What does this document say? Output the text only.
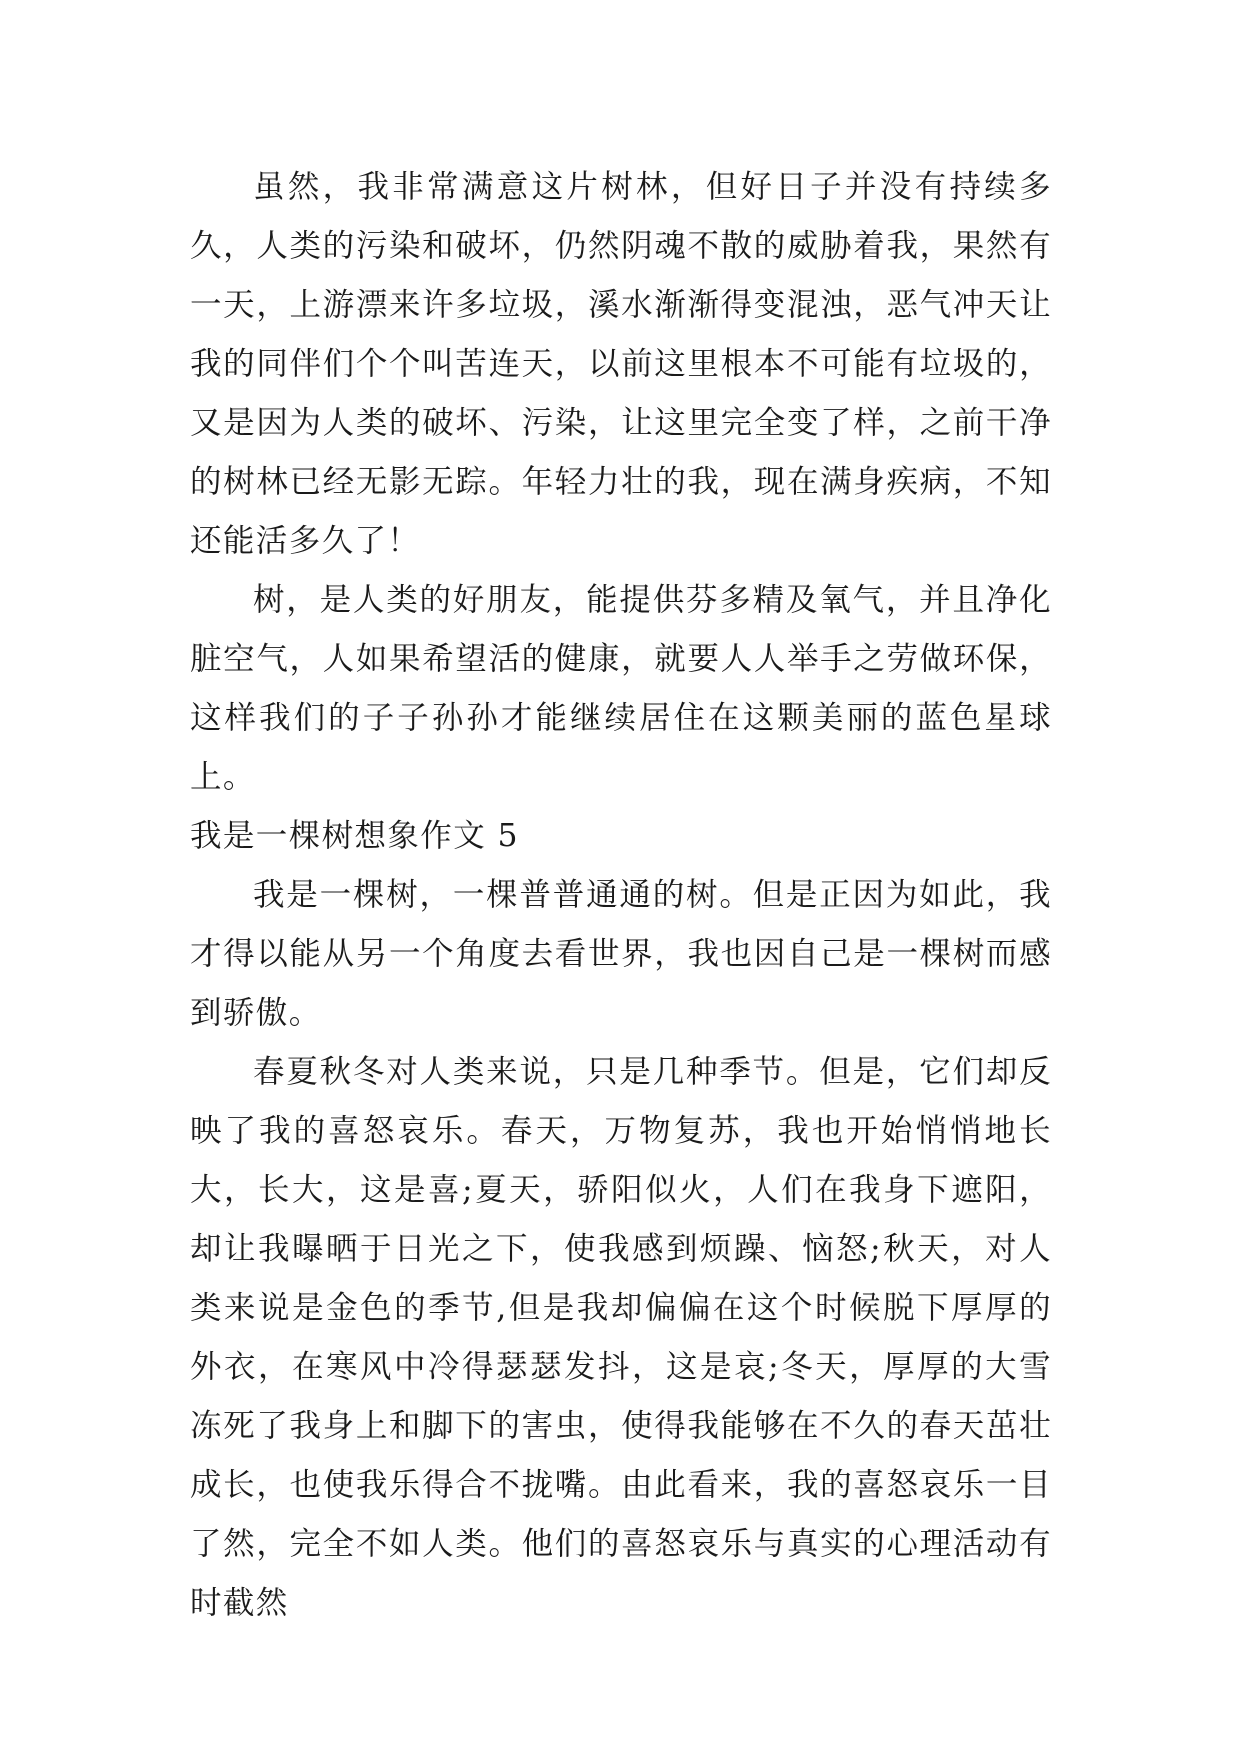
虽然，我非常满意这片树林，但好日子并没有持续多久，人类的污染和破坏，仍然阴魂不散的威胁着我，果然有一天，上游漂来许多垃圾，溪水渐渐得变混浊，恶气冲天让我的同伴们个个叫苦连天，以前这里根本不可能有垃圾的，又是因为人类的破坏、污染，让这里完全变了样，之前干净的树林已经无影无踪。年轻力壮的我，现在满身疾病，不知还能活多久了！

树，是人类的好朋友，能提供芬多精及氧气，并且净化脏空气，人如果希望活的健康，就要人人举手之劳做环保，这样我们的子子孙孙才能继续居住在这颗美丽的蓝色星球上。

我是一棵树想象作文 5

我是一棵树，一棵普普通通的树。但是正因为如此，我才得以能从另一个角度去看世界，我也因自己是一棵树而感到骄傲。

春夏秋冬对人类来说，只是几种季节。但是，它们却反映了我的喜怒哀乐。春天，万物复苏，我也开始悄悄地长大，长大，这是喜;夏天，骄阳似火，人们在我身下遮阳，却让我曝晒于日光之下，使我感到烦躁、恼怒;秋天，对人类来说是金色的季节,但是我却偏偏在这个时候脱下厚厚的外衣，在寒风中冷得瑟瑟发抖，这是哀;冬天，厚厚的大雪冻死了我身上和脚下的害虫，使得我能够在不久的春天茁壮成长，也使我乐得合不拢嘴。由此看来，我的喜怒哀乐一目了然，完全不如人类。他们的喜怒哀乐与真实的心理活动有时截然
